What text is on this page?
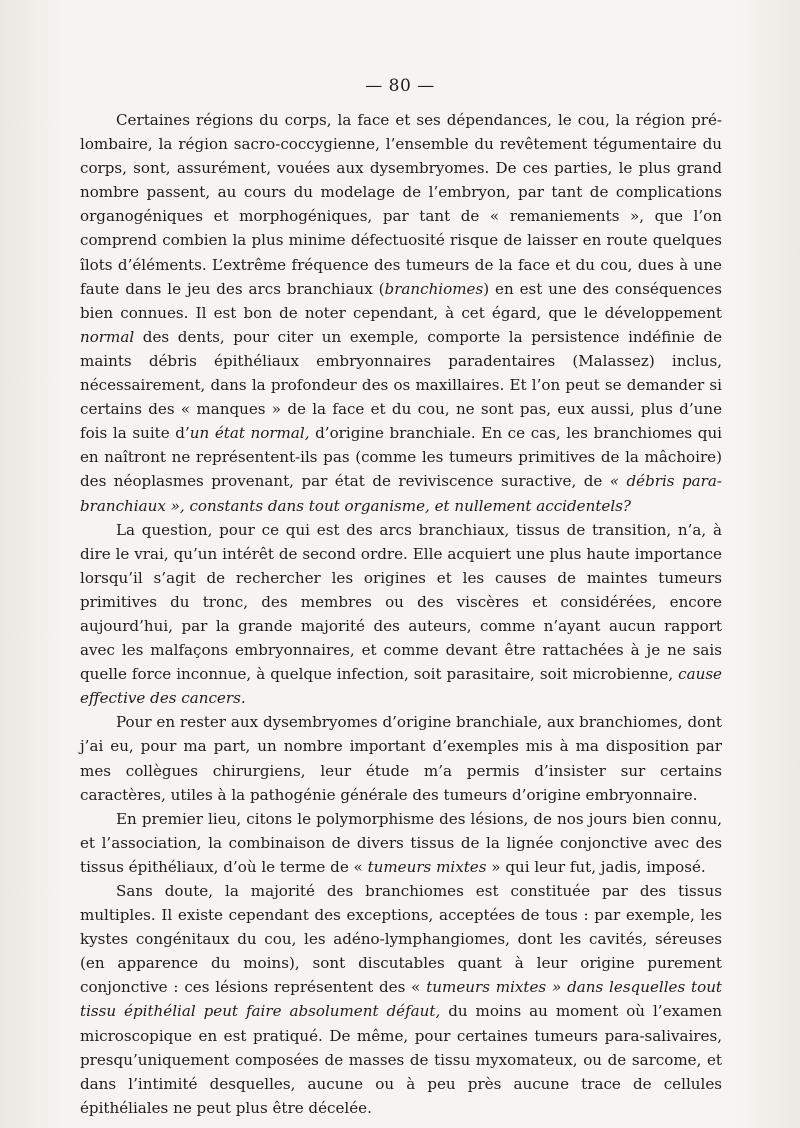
— 80 —

Certaines régions du corps, la face et ses dépendances, le cou, la région pré-lombaire, la région sacro-coccygienne, l’ensemble du revêtement tégumentaire du corps, sont, assurément, vouées aux dysembryomes. De ces parties, le plus grand nombre passent, au cours du modelage de l’embryon, par tant de complications organogéniques et morphogéniques, par tant de « remaniements », que l’on comprend combien la plus minime défectuosité risque de laisser en route quelques îlots d’éléments. L’extrême fréquence des tumeurs de la face et du cou, dues à une faute dans le jeu des arcs branchiaux (branchiomes) en est une des conséquences bien connues. Il est bon de noter cependant, à cet égard, que le développement normal des dents, pour citer un exemple, comporte la persistence indéfinie de maints débris épithéliaux embryonnaires paradentaires (Malassez) inclus, nécessairement, dans la profondeur des os maxillaires. Et l’on peut se demander si certains des « manques » de la face et du cou, ne sont pas, eux aussi, plus d’une fois la suite d’un état normal, d’origine branchiale. En ce cas, les branchiomes qui en naîtront ne représentent-ils pas (comme les tumeurs primitives de la mâchoire) des néoplasmes provenant, par état de reviviscence suractive, de « débris para-branchiaux », constants dans tout organisme, et nullement accidentels?

La question, pour ce qui est des arcs branchiaux, tissus de transition, n’a, à dire le vrai, qu’un intérêt de second ordre. Elle acquiert une plus haute importance lorsqu’il s’agit de rechercher les origines et les causes de maintes tumeurs primitives du tronc, des membres ou des viscères et considérées, encore aujourd’hui, par la grande majorité des auteurs, comme n’ayant aucun rapport avec les malfaçons embryonnaires, et comme devant être rattachées à je ne sais quelle force inconnue, à quelque infection, soit parasitaire, soit microbienne, cause effective des cancers.

Pour en rester aux dysembryomes d’origine branchiale, aux branchiomes, dont j’ai eu, pour ma part, un nombre important d’exemples mis à ma disposition par mes collègues chirurgiens, leur étude m’a permis d’insister sur certains caractères, utiles à la pathogénie générale des tumeurs d’origine embryonnaire.

En premier lieu, citons le polymorphisme des lésions, de nos jours bien connu, et l’association, la combinaison de divers tissus de la lignée conjonctive avec des tissus épithéliaux, d’où le terme de « tumeurs mixtes » qui leur fut, jadis, imposé.

Sans doute, la majorité des branchiomes est constituée par des tissus multiples. Il existe cependant des exceptions, acceptées de tous : par exemple, les kystes congénitaux du cou, les adéno-lymphangiomes, dont les cavités, séreuses (en apparence du moins), sont discutables quant à leur origine purement conjonctive : ces lésions représentent des « tumeurs mixtes » dans lesquelles tout tissu épithélial peut faire absolument défaut, du moins au moment où l’examen microscopique en est pratiqué. De même, pour certaines tumeurs para-salivaires, presqu’uniquement composées de masses de tissu myxomateux, ou de sarcome, et dans l’intimité desquelles, aucune ou à peu près aucune trace de cellules épithéliales ne peut plus être décelée.
